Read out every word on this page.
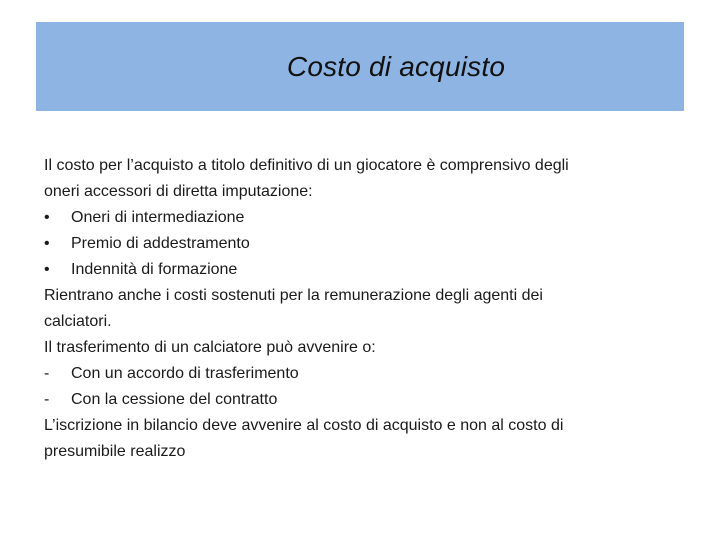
Costo di acquisto
Il costo per l’acquisto a titolo definitivo di un giocatore è comprensivo degli
oneri accessori di diretta imputazione:
•	Oneri di intermediazione
•	Premio di addestramento
•	Indennità di formazione
Rientrano anche i costi sostenuti per la remunerazione degli agenti dei
calciatori.
Il trasferimento di un calciatore può avvenire o:
-	Con un accordo di trasferimento
-	Con la cessione del contratto
L’iscrizione in bilancio deve avvenire al costo di acquisto e non al costo di
presumibile realizzo
